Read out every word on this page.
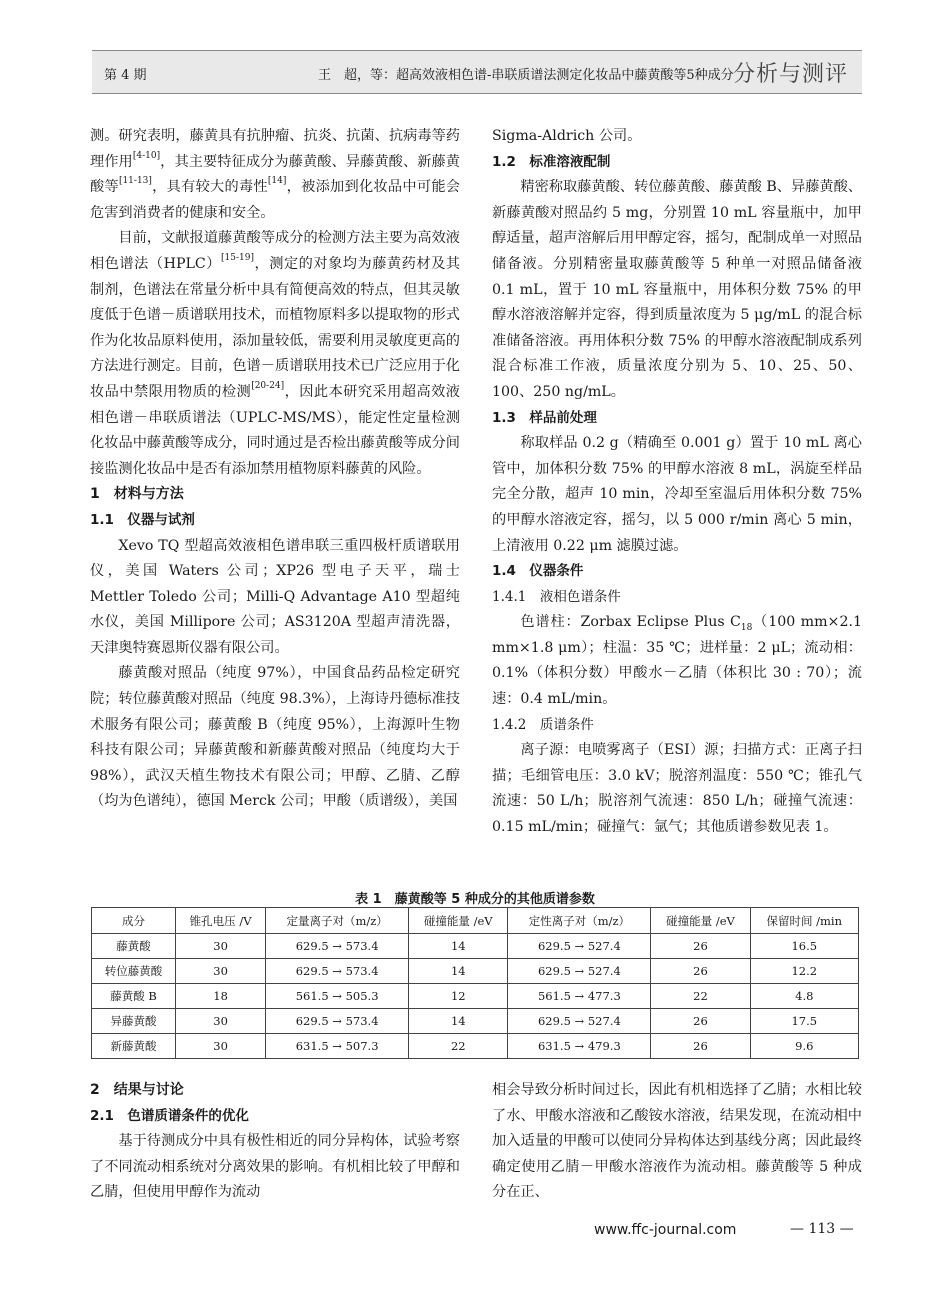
第 4 期	王　超，等：超高效液相色谱-串联质谱法测定化妆品中藤黄酸等5种成分 分析与测评

测。研究表明，藤黄具有抗肿瘤、抗炎、抗菌、抗病毒等药理作用[4-10]，其主要特征成分为藤黄酸、异藤黄酸、新藤黄酸等[11-13]，具有较大的毒性[14]，被添加到化妆品中可能会危害到消费者的健康和安全。

目前，文献报道藤黄酸等成分的检测方法主要为高效液相色谱法（HPLC）[15-19]，测定的对象均为藤黄药材及其制剂，色谱法在常量分析中具有简便高效的特点，但其灵敏度低于色谱－质谱联用技术，而植物原料多以提取物的形式作为化妆品原料使用，添加量较低，需要利用灵敏度更高的方法进行测定。目前，色谱－质谱联用技术已广泛应用于化妆品中禁限用物质的检测[20-24]，因此本研究采用超高效液相色谱－串联质谱法（UPLC-MS/MS），能定性定量检测化妆品中藤黄酸等成分，同时通过是否检出藤黄酸等成分间接监测化妆品中是否有添加禁用植物原料藤黄的风险。

1　材料与方法
1.1　仪器与试剂

Xevo TQ 型超高效液相色谱串联三重四极杆质谱联用仪，美国 Waters 公司；XP26 型电子天平，瑞士 Mettler Toledo 公司；Milli-Q Advantage A10 型超纯水仪，美国 Millipore 公司；AS3120A 型超声清洗器，天津奥特赛恩斯仪器有限公司。

藤黄酸对照品（纯度 97%），中国食品药品检定研究院；转位藤黄酸对照品（纯度 98.3%），上海诗丹德标准技术服务有限公司；藤黄酸 B（纯度 95%），上海源叶生物科技有限公司；异藤黄酸和新藤黄酸对照品（纯度均大于 98%），武汉天植生物技术有限公司；甲醇、乙腈、乙醇（均为色谱纯），德国 Merck 公司；甲酸（质谱级），美国

Sigma-Aldrich 公司。

1.2　标准溶液配制

精密称取藤黄酸、转位藤黄酸、藤黄酸 B、异藤黄酸、新藤黄酸对照品约 5 mg，分别置 10 mL 容量瓶中，加甲醇适量，超声溶解后用甲醇定容，摇匀，配制成单一对照品储备液。分别精密量取藤黄酸等 5 种单一对照品储备液 0.1 mL，置于 10 mL 容量瓶中，用体积分数 75% 的甲醇水溶液溶解并定容，得到质量浓度为 5 μg/mL 的混合标准储备溶液。再用体积分数 75% 的甲醇水溶液配制成系列混合标准工作液，质量浓度分别为 5、10、25、50、100、250 ng/mL。

1.3　样品前处理

称取样品 0.2 g（精确至 0.001 g）置于 10 mL 离心管中，加体积分数 75% 的甲醇水溶液 8 mL，涡旋至样品完全分散，超声 10 min，冷却至室温后用体积分数 75% 的甲醇水溶液定容，摇匀，以 5 000 r/min 离心 5 min，上清液用 0.22 μm 滤膜过滤。

1.4　仪器条件
1.4.1　液相色谱条件

色谱柱：Zorbax Eclipse Plus $C_{18}(100$ mm×2.1 mm×1.8 μm）；柱温：35 ℃；进样量：2 μL；流动相：0.1%（体积分数）甲酸水－乙腈（体积比 30 : 70）；流速：0.4 mL/min。

1.4.2　质谱条件

离子源：电喷雾离子（ESI）源；扫描方式：正离子扫描；毛细管电压：3.0 kV；脱溶剂温度：550 ℃；锥孔气流速：50 L/h；脱溶剂气流速：850 L/h；碰撞气流速：0.15 mL/min；碰撞气：氩气；其他质谱参数见表 1。

表 1　藤黄酸等 5 种成分的其他质谱参数
成分	锥孔电压 /V	定量离子对（m/z）	碰撞能量 /eV	定性离子对（m/z）	碰撞能量 /eV	保留时间 /min
藤黄酸	30	629.5 → 573.4	14	629.5 → 527.4	26	16.5
转位藤黄酸	30	629.5 → 573.4	14	629.5 → 527.4	26	12.2
藤黄酸 B	18	561.5 → 505.3	12	561.5 → 477.3	22	4.8
异藤黄酸	30	629.5 → 573.4	14	629.5 → 527.4	26	17.5
新藤黄酸	30	631.5 → 507.3	22	631.5 → 479.3	26	9.6
2　结果与讨论
2.1　色谱质谱条件的优化

基于待测成分中具有极性相近的同分异构体，试验考察了不同流动相系统对分离效果的影响。有机相比较了甲醇和乙腈，但使用甲醇作为流动

相会导致分析时间过长，因此有机相选择了乙腈；水相比较了水、甲酸水溶液和乙酸铵水溶液，结果发现，在流动相中加入适量的甲酸可以使同分异构体达到基线分离；因此最终确定使用乙腈－甲酸水溶液作为流动相。藤黄酸等 5 种成分在正、

www.ffc-journal.com	— 113 —
